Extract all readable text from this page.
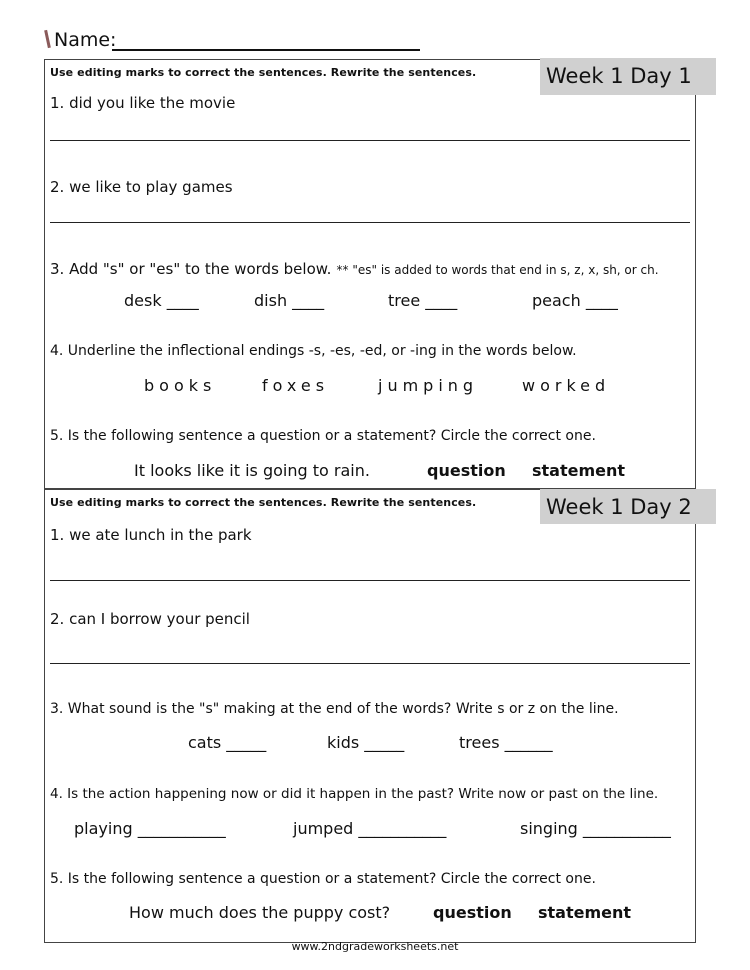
Name:
Week 1 Day 1
Use editing marks to correct the sentences. Rewrite the sentences.
1. did you like the movie
2. we like to play games
3. Add "s" or "es" to the words below. ** "es" is added to words that end in s, z, x, sh, or ch.
desk ____	dish ____	tree ____	peach ____
4. Underline the inflectional endings -s, -es, -ed, or -ing in the words below.
books	foxes	jumping	worked
5. Is the following sentence a question or a statement? Circle the correct one.
It looks like it is going to rain.	question statement
Week 1 Day 2
Use editing marks to correct the sentences. Rewrite the sentences.
1. we ate lunch in the park
2. can I borrow your pencil
3. What sound is the "s" making at the end of the words? Write s or z on the line.
cats _____	kids _____	trees ______
4. Is the action happening now or did it happen in the past? Write now or past on the line.
playing ___________	jumped ___________	singing ___________
5. Is the following sentence a question or a statement? Circle the correct one.
How much does the puppy cost?	question statement
www.2ndgradeworksheets.net
